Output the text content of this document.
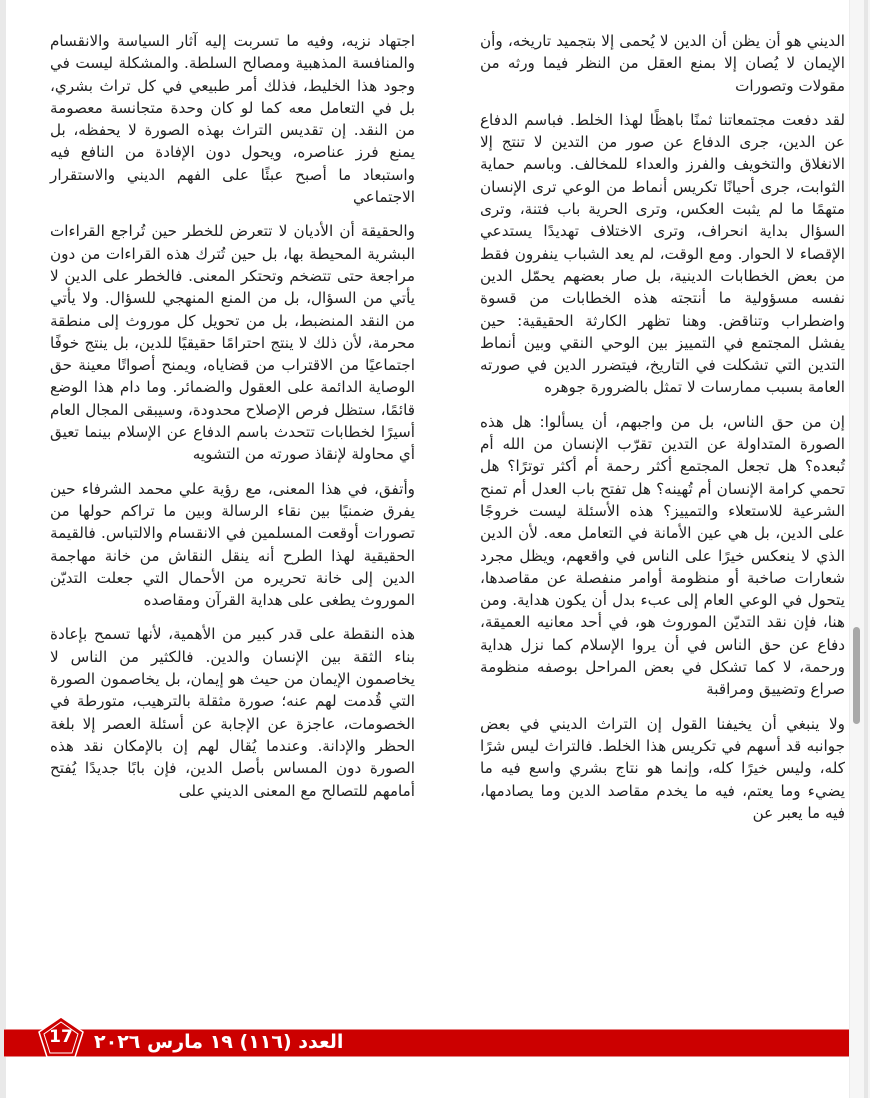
الديني هو أن يظن أن الدين لا يُحمى إلا بتجميد تاريخه، وأن الإيمان لا يُصان إلا بمنع العقل من النظر فيما ورثه من مقولات وتصورات

لقد دفعت مجتمعاتنا ثمنًا باهظًا لهذا الخلط. فباسم الدفاع عن الدين، جرى الدفاع عن صور من التدين لا تنتج إلا الانغلاق والتخويف والفرز والعداء للمخالف. وباسم حماية الثوابت، جرى أحيانًا تكريس أنماط من الوعي ترى الإنسان متهمًا ما لم يثبت العكس، وترى الحرية باب فتنة، وترى السؤال بداية انحراف، وترى الاختلاف تهديدًا يستدعي الإقصاء لا الحوار. ومع الوقت، لم يعد الشباب ينفرون فقط من بعض الخطابات الدينية، بل صار بعضهم يحمّل الدين نفسه مسؤولية ما أنتجته هذه الخطابات من قسوة واضطراب وتناقض. وهنا تظهر الكارثة الحقيقية: حين يفشل المجتمع في التمييز بين الوحي النقي وبين أنماط التدين التي تشكلت في التاريخ، فيتضرر الدين في صورته العامة بسبب ممارسات لا تمثل بالضرورة جوهره

إن من حق الناس، بل من واجبهم، أن يسألوا: هل هذه الصورة المتداولة عن التدين تقرّب الإنسان من الله أم تُبعده؟ هل تجعل المجتمع أكثر رحمة أم أكثر توترًا؟ هل تحمي كرامة الإنسان أم تُهينه؟ هل تفتح باب العدل أم تمنح الشرعية للاستعلاء والتمييز؟ هذه الأسئلة ليست خروجًا على الدين، بل هي عين الأمانة في التعامل معه. لأن الدين الذي لا ينعكس خيرًا على الناس في واقعهم، ويظل مجرد شعارات صاخبة أو منظومة أوامر منفصلة عن مقاصدها، يتحول في الوعي العام إلى عبء بدل أن يكون هداية. ومن هنا، فإن نقد التديّن الموروث هو، في أحد معانيه العميقة، دفاع عن حق الناس في أن يروا الإسلام كما نزل هداية ورحمة، لا كما تشكل في بعض المراحل بوصفه منظومة صراع وتضييق ومراقبة

ولا ينبغي أن يخيفنا القول إن التراث الديني في بعض جوانبه قد أسهم في تكريس هذا الخلط. فالتراث ليس شرًا كله، وليس خيرًا كله، وإنما هو نتاج بشري واسع فيه ما يضيء وما يعتم، فيه ما يخدم مقاصد الدين وما يصادمها، فيه ما يعبر عن

اجتهاد نزيه، وفيه ما تسربت إليه آثار السياسة والانقسام والمنافسة المذهبية ومصالح السلطة. والمشكلة ليست في وجود هذا الخليط، فذلك أمر طبيعي في كل تراث بشري، بل في التعامل معه كما لو كان وحدة متجانسة معصومة من النقد. إن تقديس التراث بهذه الصورة لا يحفظه، بل يمنع فرز عناصره، ويحول دون الإفادة من النافع فيه واستبعاد ما أصبح عبئًا على الفهم الديني والاستقرار الاجتماعي

والحقيقة أن الأديان لا تتعرض للخطر حين تُراجع القراءات البشرية المحيطة بها، بل حين تُترك هذه القراءات من دون مراجعة حتى تتضخم وتحتكر المعنى. فالخطر على الدين لا يأتي من السؤال، بل من المنع المنهجي للسؤال. ولا يأتي من النقد المنضبط، بل من تحويل كل موروث إلى منطقة محرمة، لأن ذلك لا ينتج احترامًا حقيقيًا للدين، بل ينتج خوفًا اجتماعيًا من الاقتراب من قضاياه، ويمنح أصواتًا معينة حق الوصاية الدائمة على العقول والضمائر. وما دام هذا الوضع قائمًا، ستظل فرص الإصلاح محدودة، وسيبقى المجال العام أسيرًا لخطابات تتحدث باسم الدفاع عن الإسلام بينما تعيق أي محاولة لإنقاذ صورته من التشويه

وأتفق، في هذا المعنى، مع رؤية علي محمد الشرفاء حين يفرق ضمنيًا بين نقاء الرسالة وبين ما تراكم حولها من تصورات أوقعت المسلمين في الانقسام والالتباس. فالقيمة الحقيقية لهذا الطرح أنه ينقل النقاش من خانة مهاجمة الدين إلى خانة تحريره من الأحمال التي جعلت التديّن الموروث يطغى على هداية القرآن ومقاصده

هذه النقطة على قدر كبير من الأهمية، لأنها تسمح بإعادة بناء الثقة بين الإنسان والدين. فالكثير من الناس لا يخاصمون الإيمان من حيث هو إيمان، بل يخاصمون الصورة التي قُدمت لهم عنه؛ صورة مثقلة بالترهيب، متورطة في الخصومات، عاجزة عن الإجابة عن أسئلة العصر إلا بلغة الحظر والإدانة. وعندما يُقال لهم إن بالإمكان نقد هذه الصورة دون المساس بأصل الدين، فإن بابًا جديدًا يُفتح أمامهم للتصالح مع المعنى الديني على

17	العدد (١١٦) ١٩ مارس ٢٠٢٦
